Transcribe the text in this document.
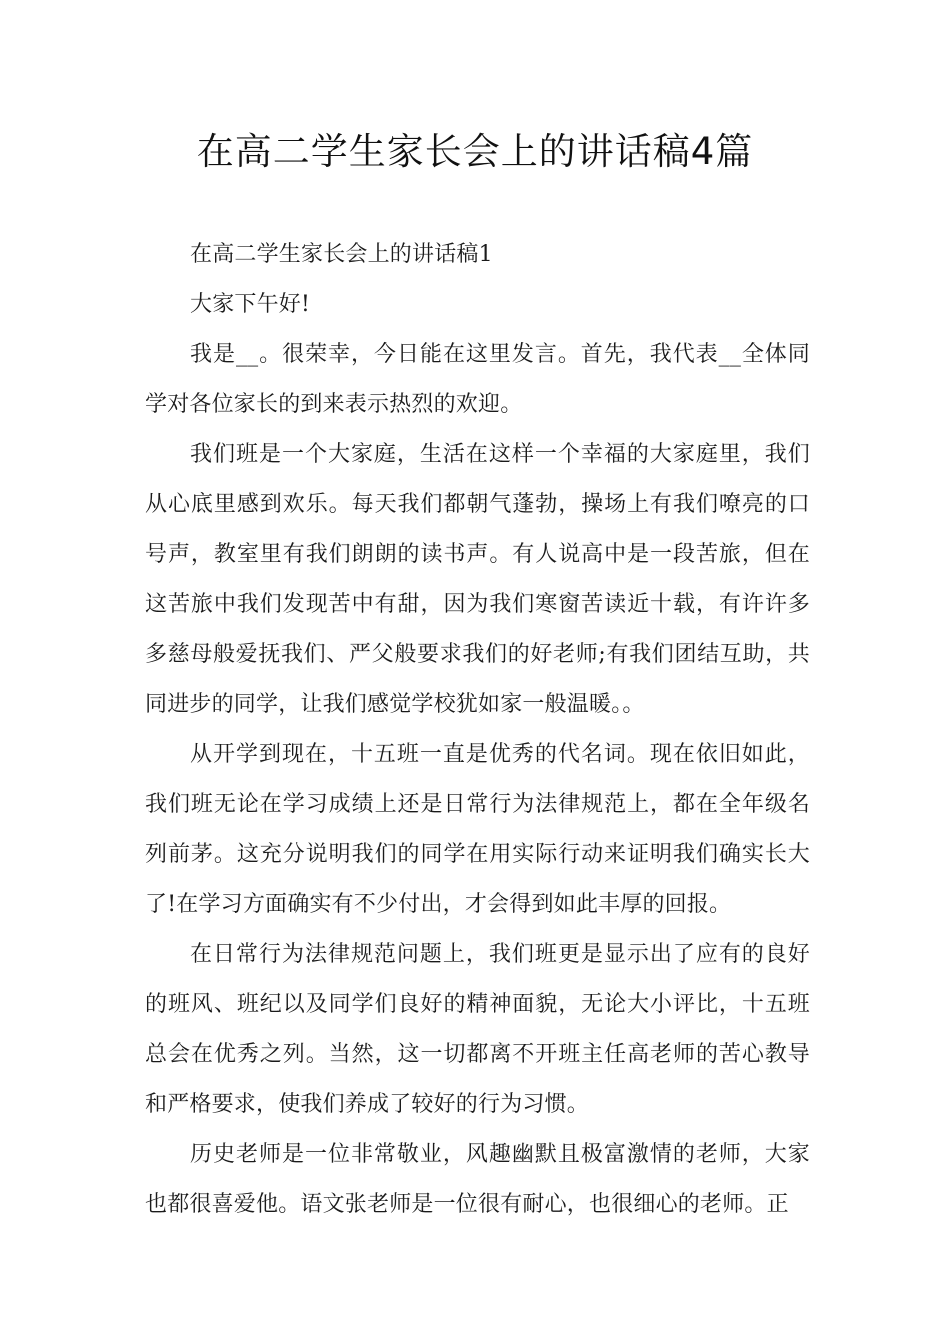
在高二学生家长会上的讲话稿4篇

在高二学生家长会上的讲话稿1

大家下午好!

我是__。很荣幸，今日能在这里发言。首先，我代表__全体同学对各位家长的到来表示热烈的欢迎。

我们班是一个大家庭，生活在这样一个幸福的大家庭里，我们从心底里感到欢乐。每天我们都朝气蓬勃，操场上有我们嘹亮的口号声，教室里有我们朗朗的读书声。有人说高中是一段苦旅，但在这苦旅中我们发现苦中有甜，因为我们寒窗苦读近十载，有许许多多慈母般爱抚我们、严父般要求我们的好老师;有我们团结互助，共同进步的同学，让我们感觉学校犹如家一般温暖。。

从开学到现在，十五班一直是优秀的代名词。现在依旧如此，我们班无论在学习成绩上还是日常行为法律规范上，都在全年级名列前茅。这充分说明我们的同学在用实际行动来证明我们确实长大了!在学习方面确实有不少付出，才会得到如此丰厚的回报。

在日常行为法律规范问题上，我们班更是显示出了应有的良好的班风、班纪以及同学们良好的精神面貌，无论大小评比，十五班总会在优秀之列。当然，这一切都离不开班主任高老师的苦心教导和严格要求，使我们养成了较好的行为习惯。

历史老师是一位非常敬业，风趣幽默且极富激情的老师，大家也都很喜爱他。语文张老师是一位很有耐心，也很细心的老师。正
